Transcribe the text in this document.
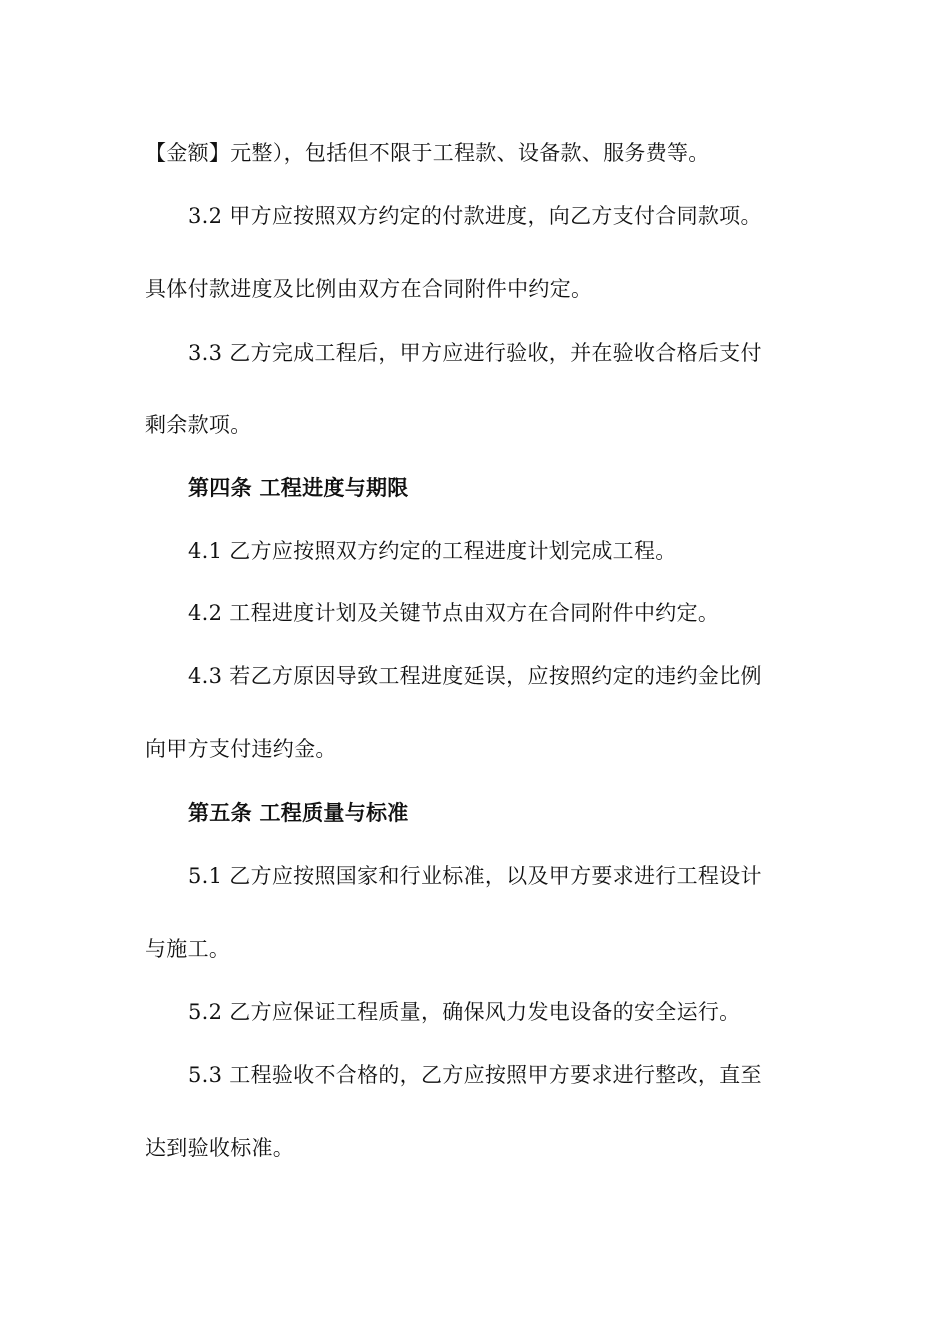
【金额】元整），包括但不限于工程款、设备款、服务费等。
3.2 甲方应按照双方约定的付款进度，向乙方支付合同款项。
具体付款进度及比例由双方在合同附件中约定。
3.3 乙方完成工程后，甲方应进行验收，并在验收合格后支付
剩余款项。
第四条 工程进度与期限
4.1 乙方应按照双方约定的工程进度计划完成工程。
4.2 工程进度计划及关键节点由双方在合同附件中约定。
4.3 若乙方原因导致工程进度延误，应按照约定的违约金比例
向甲方支付违约金。
第五条 工程质量与标准
5.1 乙方应按照国家和行业标准，以及甲方要求进行工程设计
与施工。
5.2 乙方应保证工程质量，确保风力发电设备的安全运行。
5.3 工程验收不合格的，乙方应按照甲方要求进行整改，直至
达到验收标准。
